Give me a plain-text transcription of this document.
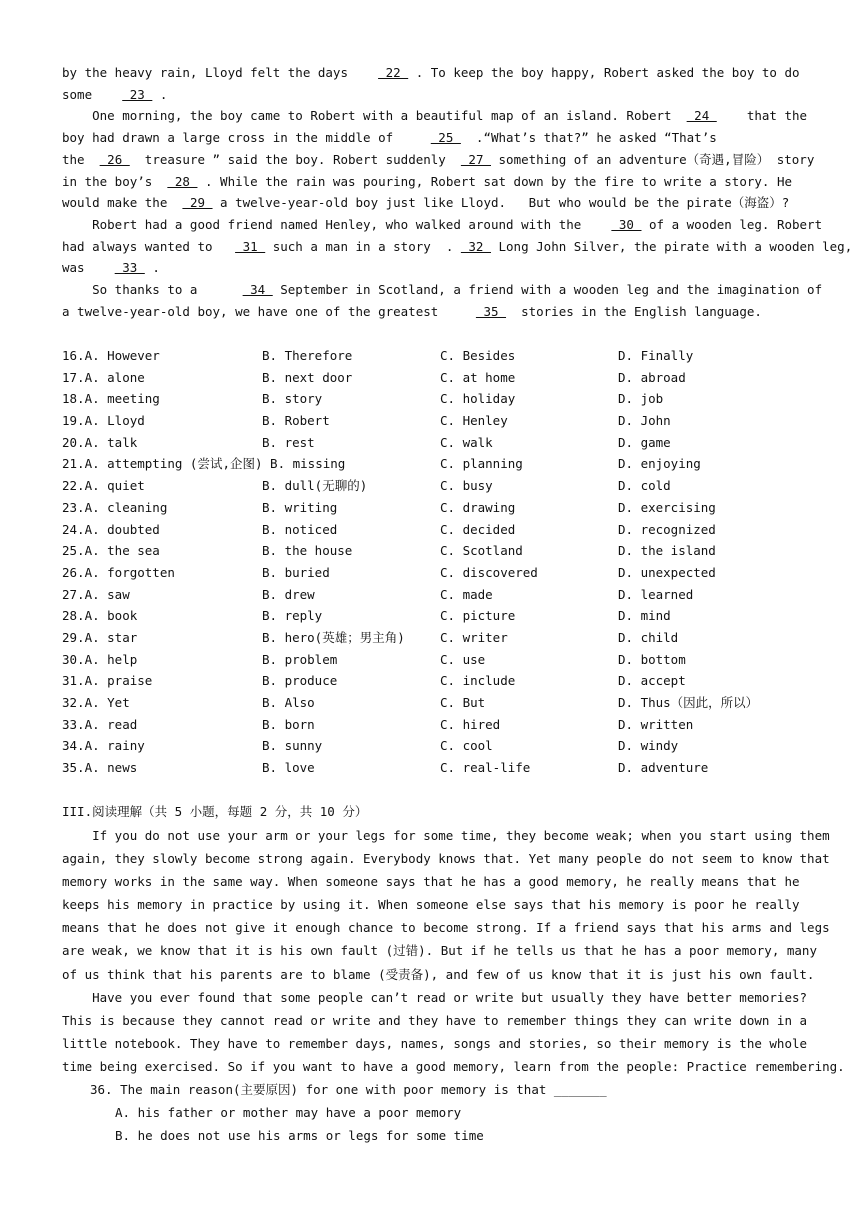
by the heavy rain, Lloyd felt the days     22  . To keep the boy happy, Robert asked the boy to do
some     23  .
One morning, the boy came to Robert with a beautiful map of an island. Robert   24     that the
boy had drawn a large cross in the middle of      25   .“What’s that?” he asked “That’s
the   26   treasure ” said the boy. Robert suddenly   27  something of an adventure（奇遇,冒险） story
in the boy’s   28  . While the rain was pouring, Robert sat down by the fire to write a story. He
would make the   29  a twelve-year-old boy just like Lloyd.   But who would be the pirate（海盗）?
Robert had a good friend named Henley, who walked around with the     30  of a wooden leg. Robert
had always wanted to    31  such a man in a story  .  32  Long John Silver, the pirate with a wooden leg,
was     33  .
So thanks to a       34  September in Scotland, a friend with a wooden leg and the imagination of
a twelve-year-old boy, we have one of the greatest      35   stories in the English language.
16.A. However	B. Therefore	C. Besides	D. Finally
17.A. alone	B. next door	C. at home	D. abroad
18.A. meeting	B. story	C. holiday	D. job
19.A. Lloyd	B. Robert	C. Henley	D. John
20.A. talk	B. rest	C. walk	D. game
21.A. attempting (尝试,企图) B. missing	C. planning	D. enjoying
22.A. quiet	B. dull(无聊的)	C. busy	D. cold
23.A. cleaning	B. writing	C. drawing	D. exercising
24.A. doubted	B. noticed	C. decided	D. recognized
25.A. the sea	B. the house	C. Scotland	D. the island
26.A. forgotten	B. buried	C. discovered	D. unexpected
27.A. saw	B. drew	C. made	D. learned
28.A. book	B. reply	C. picture	D. mind
29.A. star	B. hero(英雄；男主角)	C. writer	D. child
30.A. help	B. problem	C. use	D. bottom
31.A. praise	B. produce	C. include	D. accept
32.A. Yet	B. Also	C. But	D. Thus（因此，所以）
33.A. read	B. born	C. hired	D. written
34.A. rainy	B. sunny	C. cool	D. windy
35.A. news	B. love	C. real-life	D. adventure
III.阅读理解（共 5 小题，每题 2 分，共 10 分）
If you do not use your arm or your legs for some time, they become weak; when you start using them
again, they slowly become strong again. Everybody knows that. Yet many people do not seem to know that
memory works in the same way. When someone says that he has a good memory, he really means that he
keeps his memory in practice by using it. When someone else says that his memory is poor he really
means that he does not give it enough chance to become strong. If a friend says that his arms and legs
are weak, we know that it is his own fault (过错). But if he tells us that he has a poor memory, many
of us think that his parents are to blame (受责备), and few of us know that it is just his own fault.
Have you ever found that some people can’t read or write but usually they have better memories?
This is because they cannot read or write and they have to remember things they can write down in a
little notebook. They have to remember days, names, songs and stories, so their memory is the whole
time being exercised. So if you want to have a good memory, learn from the people: Practice remembering.
36. The main reason(主要原因) for one with poor memory is that _______
A. his father or mother may have a poor memory
B. he does not use his arms or legs for some time
